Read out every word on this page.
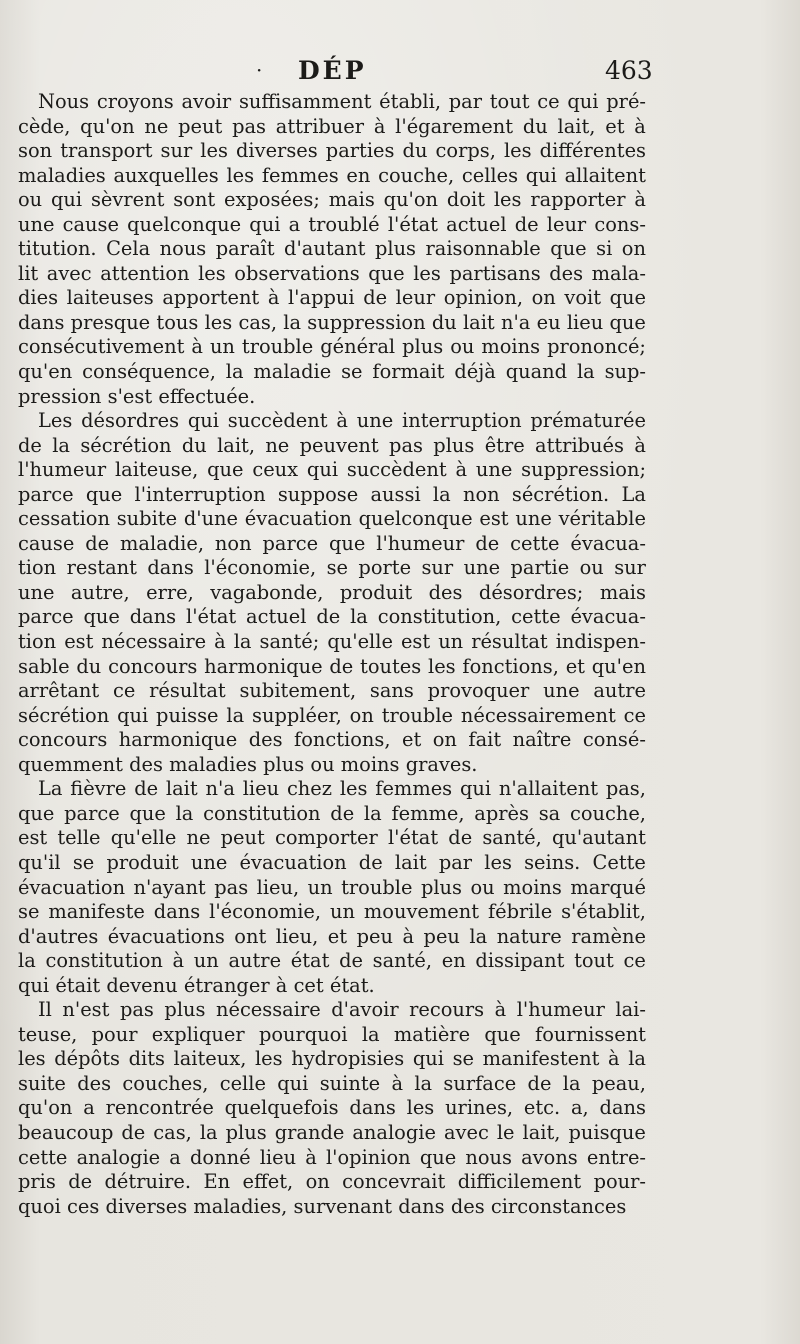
· DÉP	463
Nous croyons avoir suffisamment établi, par tout ce qui pré-
cède, qu'on ne peut pas attribuer à l'égarement du lait, et à
son transport sur les diverses parties du corps, les différentes
maladies auxquelles les femmes en couche, celles qui allaitent
ou qui sèvrent sont exposées; mais qu'on doit les rapporter à
une cause quelconque qui a troublé l'état actuel de leur cons-
titution. Cela nous paraît d'autant plus raisonnable que si on
lit avec attention les observations que les partisans des mala-
dies laiteuses apportent à l'appui de leur opinion, on voit que
dans presque tous les cas, la suppression du lait n'a eu lieu que
consécutivement à un trouble général plus ou moins prononcé;
qu'en conséquence, la maladie se formait déjà quand la sup-
pression s'est effectuée.
Les désordres qui succèdent à une interruption prématurée
de la sécrétion du lait, ne peuvent pas plus être attribués à
l'humeur laiteuse, que ceux qui succèdent à une suppression;
parce que l'interruption suppose aussi la non sécrétion. La
cessation subite d'une évacuation quelconque est une véritable
cause de maladie, non parce que l'humeur de cette évacua-
tion restant dans l'économie, se porte sur une partie ou sur
une autre, erre, vagabonde, produit des désordres; mais
parce que dans l'état actuel de la constitution, cette évacua-
tion est nécessaire à la santé; qu'elle est un résultat indispen-
sable du concours harmonique de toutes les fonctions, et qu'en
arrêtant ce résultat subitement, sans provoquer une autre
sécrétion qui puisse la suppléer, on trouble nécessairement ce
concours harmonique des fonctions, et on fait naître consé-
quemment des maladies plus ou moins graves.
La fièvre de lait n'a lieu chez les femmes qui n'allaitent pas,
que parce que la constitution de la femme, après sa couche,
est telle qu'elle ne peut comporter l'état de santé, qu'autant
qu'il se produit une évacuation de lait par les seins. Cette
évacuation n'ayant pas lieu, un trouble plus ou moins marqué
se manifeste dans l'économie, un mouvement fébrile s'établit,
d'autres évacuations ont lieu, et peu à peu la nature ramène
la constitution à un autre état de santé, en dissipant tout ce
qui était devenu étranger à cet état.
Il n'est pas plus nécessaire d'avoir recours à l'humeur lai-
teuse, pour expliquer pourquoi la matière que fournissent
les dépôts dits laiteux, les hydropisies qui se manifestent à la
suite des couches, celle qui suinte à la surface de la peau,
qu'on a rencontrée quelquefois dans les urines, etc. a, dans
beaucoup de cas, la plus grande analogie avec le lait, puisque
cette analogie a donné lieu à l'opinion que nous avons entre-
pris de détruire. En effet, on concevrait difficilement pour-
quoi ces diverses maladies, survenant dans des circonstances
